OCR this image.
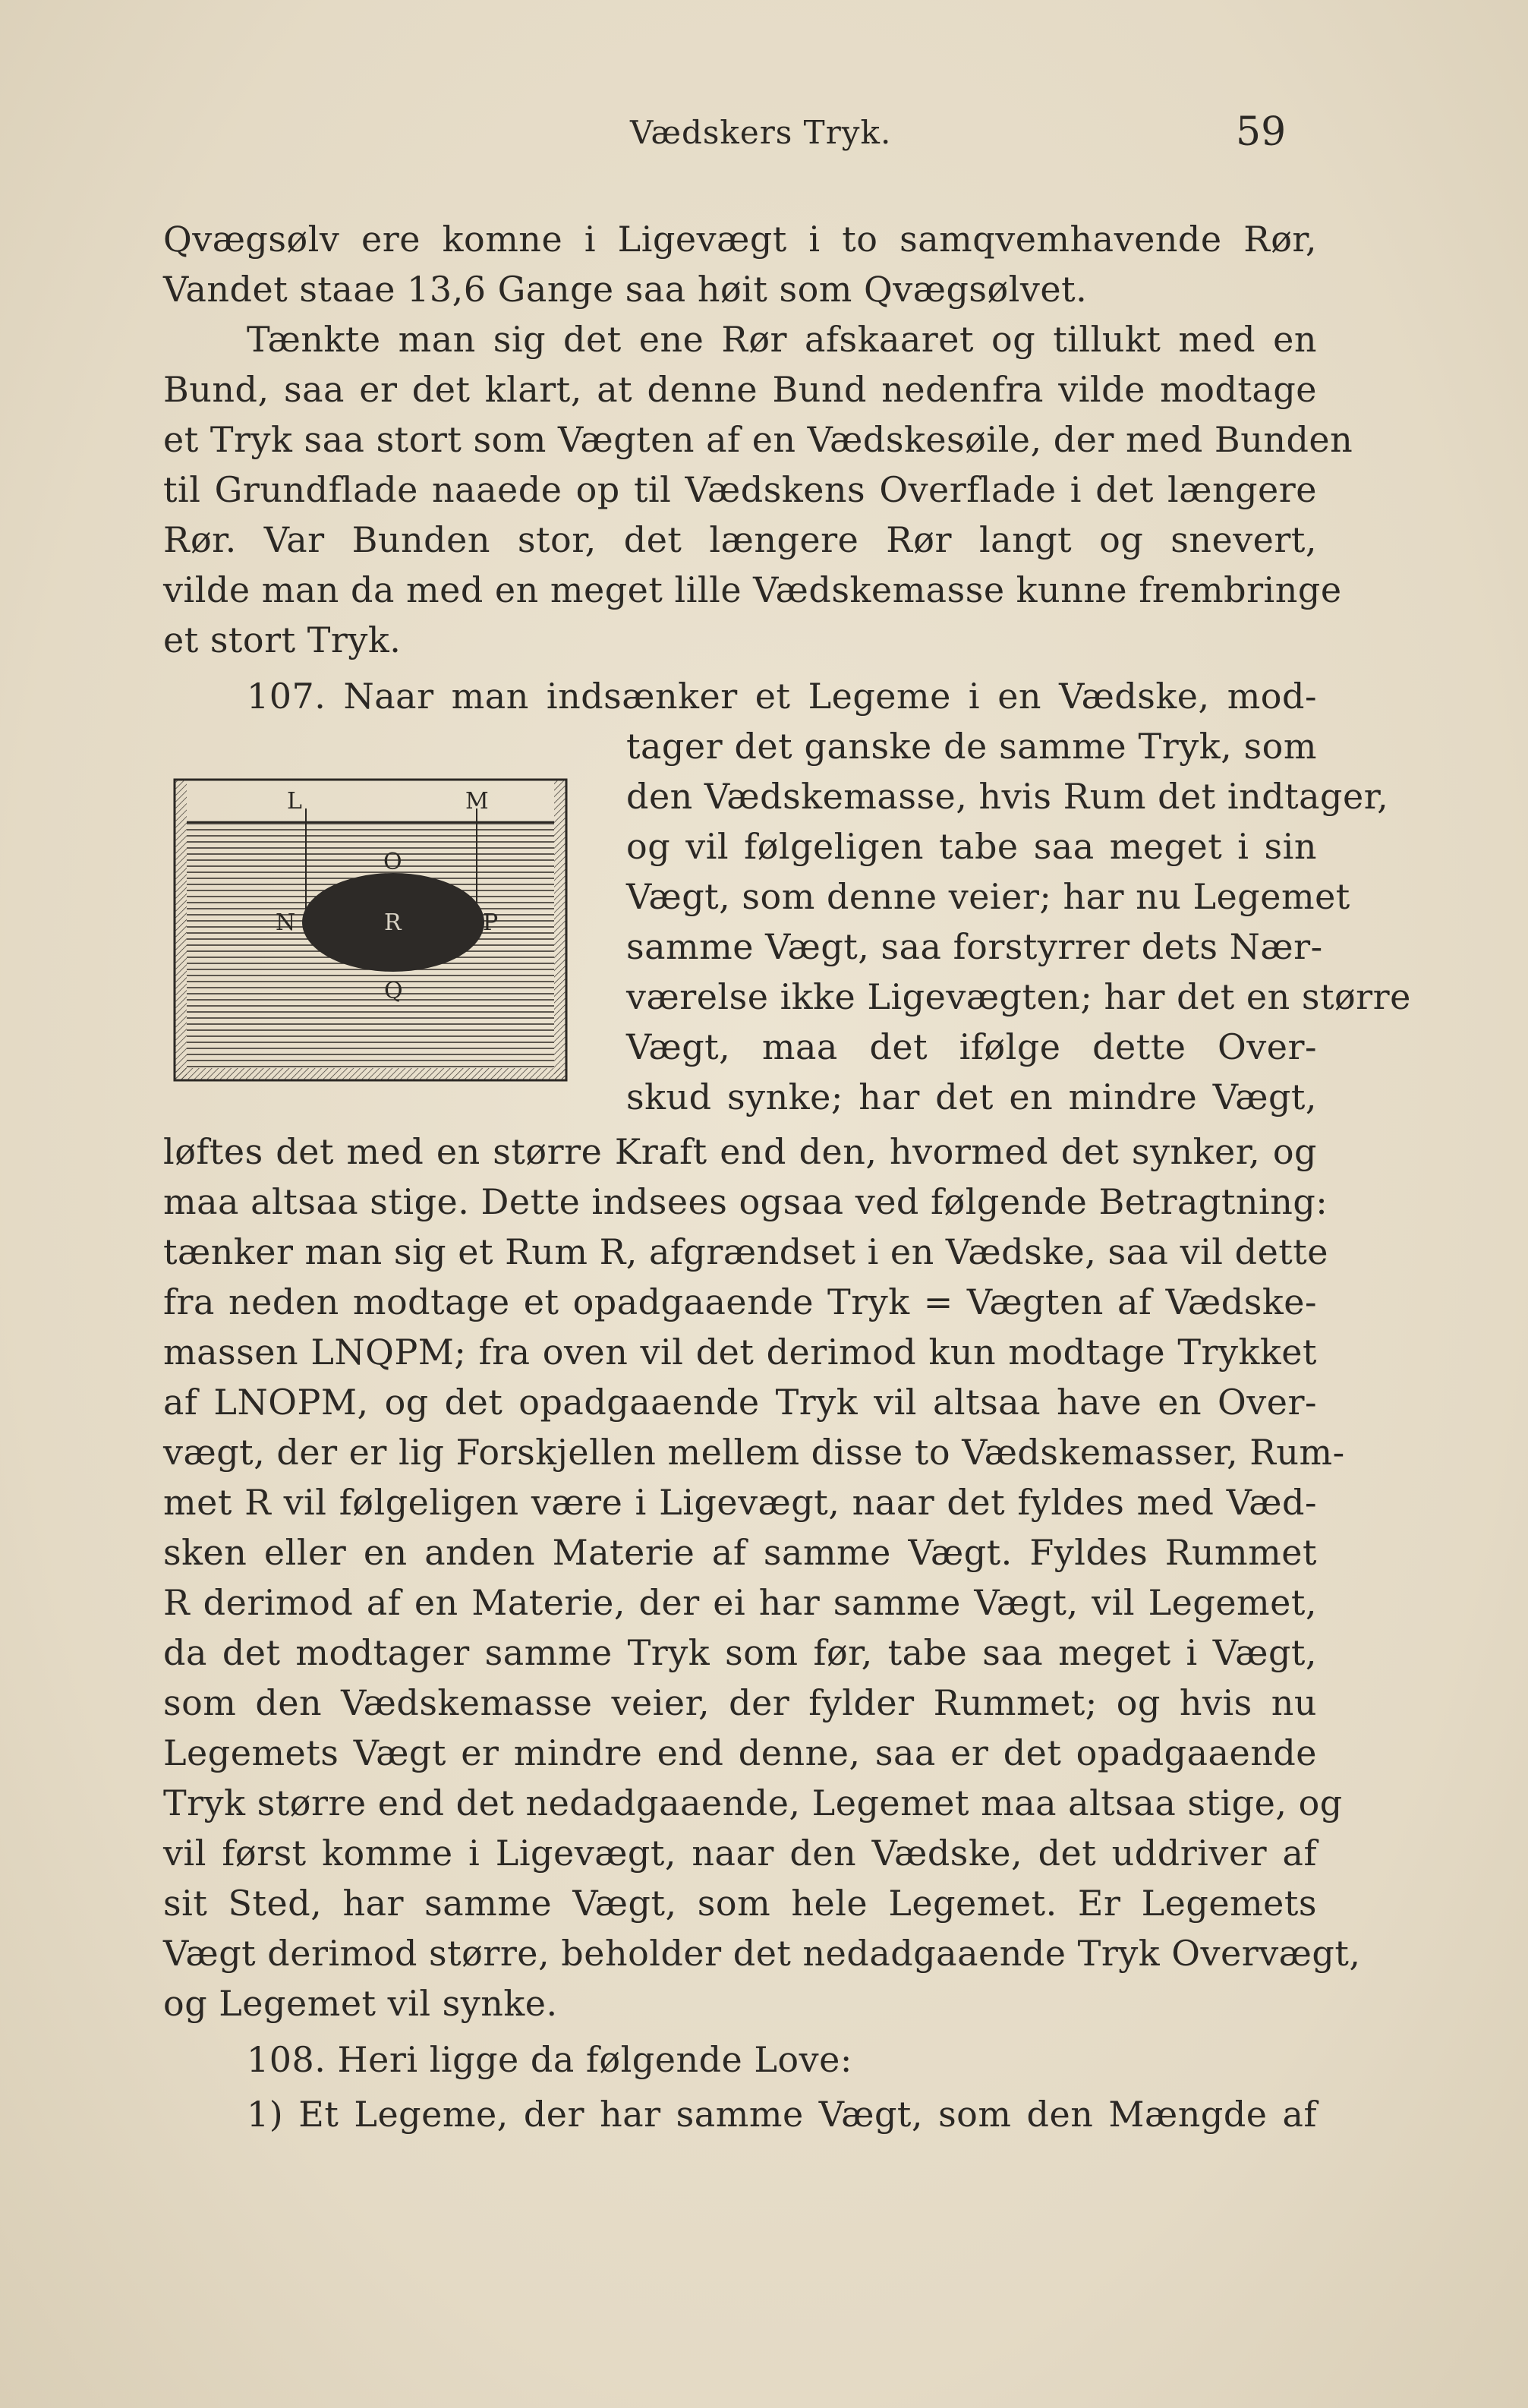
Vædskers Tryk.	59
Qvægsølv ere komne i Ligevægt i to samqvemhavende Rør,
Vandet staae 13,6 Gange saa høit som Qvægsølvet.
Tænkte man sig det ene Rør afskaaret og tillukt med en
Bund, saa er det klart, at denne Bund nedenfra vilde modtage
et Tryk saa stort som Vægten af en Vædskesøile, der med Bunden
til Grundflade naaede op til Vædskens Overflade i det længere
Rør. Var Bunden stor, det længere Rør langt og snevert,
vilde man da med en meget lille Vædskemasse kunne frembringe
et stort Tryk.
107. Naar man indsænker et Legeme i en Vædske, mod-
tager det ganske de samme Tryk, som
den Vædskemasse, hvis Rum det indtager,
og vil følgeligen tabe saa meget i sin
Vægt, som denne veier; har nu Legemet
samme Vægt, saa forstyrrer dets Nær-
værelse ikke Ligevægten; har det en større
Vægt, maa det ifølge dette Over-
skud synke; har det en mindre Vægt,
løftes det med en større Kraft end den, hvormed det synker, og
maa altsaa stige. Dette indsees ogsaa ved følgende Betragtning:
tænker man sig et Rum R, afgrændset i en Vædske, saa vil dette
fra neden modtage et opadgaaende Tryk = Vægten af Vædske-
massen LNQPM; fra oven vil det derimod kun modtage Trykket
af LNOPM, og det opadgaaende Tryk vil altsaa have en Over-
vægt, der er lig Forskjellen mellem disse to Vædskemasser, Rum-
met R vil følgeligen være i Ligevægt, naar det fyldes med Væd-
sken eller en anden Materie af samme Vægt. Fyldes Rummet
R derimod af en Materie, der ei har samme Vægt, vil Legemet,
da det modtager samme Tryk som før, tabe saa meget i Vægt,
som den Vædskemasse veier, der fylder Rummet; og hvis nu
Legemets Vægt er mindre end denne, saa er det opadgaaende
Tryk større end det nedadgaaende, Legemet maa altsaa stige, og
vil først komme i Ligevægt, naar den Vædske, det uddriver af
sit Sted, har samme Vægt, som hele Legemet. Er Legemets
Vægt derimod større, beholder det nedadgaaende Tryk Overvægt,
og Legemet vil synke.
108. Heri ligge da følgende Love:
1) Et Legeme, der har samme Vægt, som den Mængde af
L	M
O
N	R	P
Q
